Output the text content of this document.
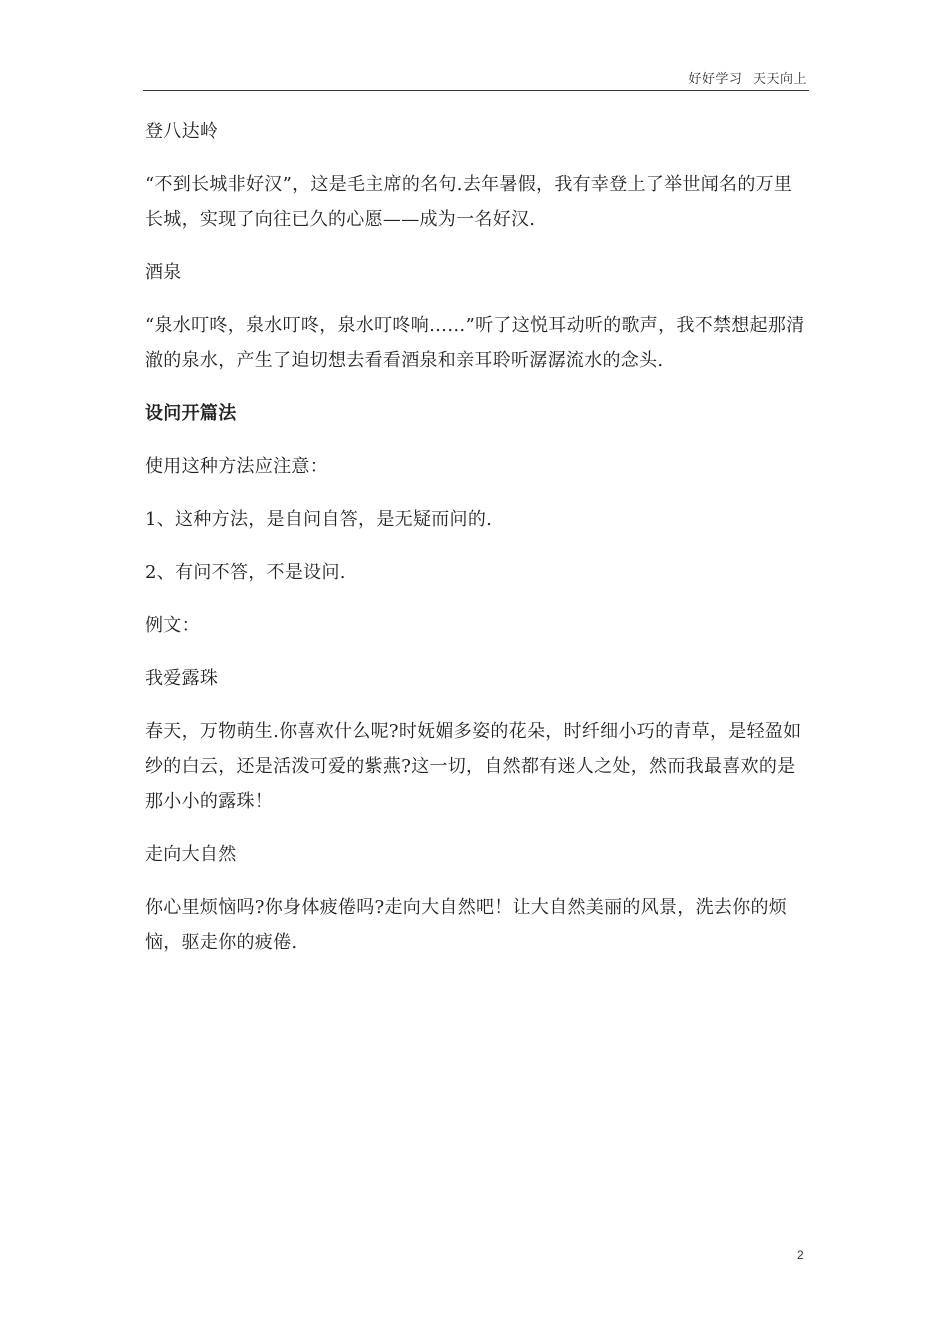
好好学习 天天向上

登八达岭

“不到长城非好汉”，这是毛主席的名句.去年暑假，我有幸登上了举世闻名的万里长城，实现了向往已久的心愿——成为一名好汉.

酒泉

“泉水叮咚，泉水叮咚，泉水叮咚响……”听了这悦耳动听的歌声，我不禁想起那清澈的泉水，产生了迫切想去看看酒泉和亲耳聆听潺潺流水的念头.

设问开篇法

使用这种方法应注意：

1、这种方法，是自问自答，是无疑而问的.

2、有问不答，不是设问.

例文：

我爱露珠

春天，万物萌生.你喜欢什么呢?时妩媚多姿的花朵，时纤细小巧的青草，是轻盈如纱的白云，还是活泼可爱的紫燕?这一切，自然都有迷人之处，然而我最喜欢的是那小小的露珠！

走向大自然

你心里烦恼吗?你身体疲倦吗?走向大自然吧！让大自然美丽的风景，洗去你的烦恼，驱走你的疲倦.

2
